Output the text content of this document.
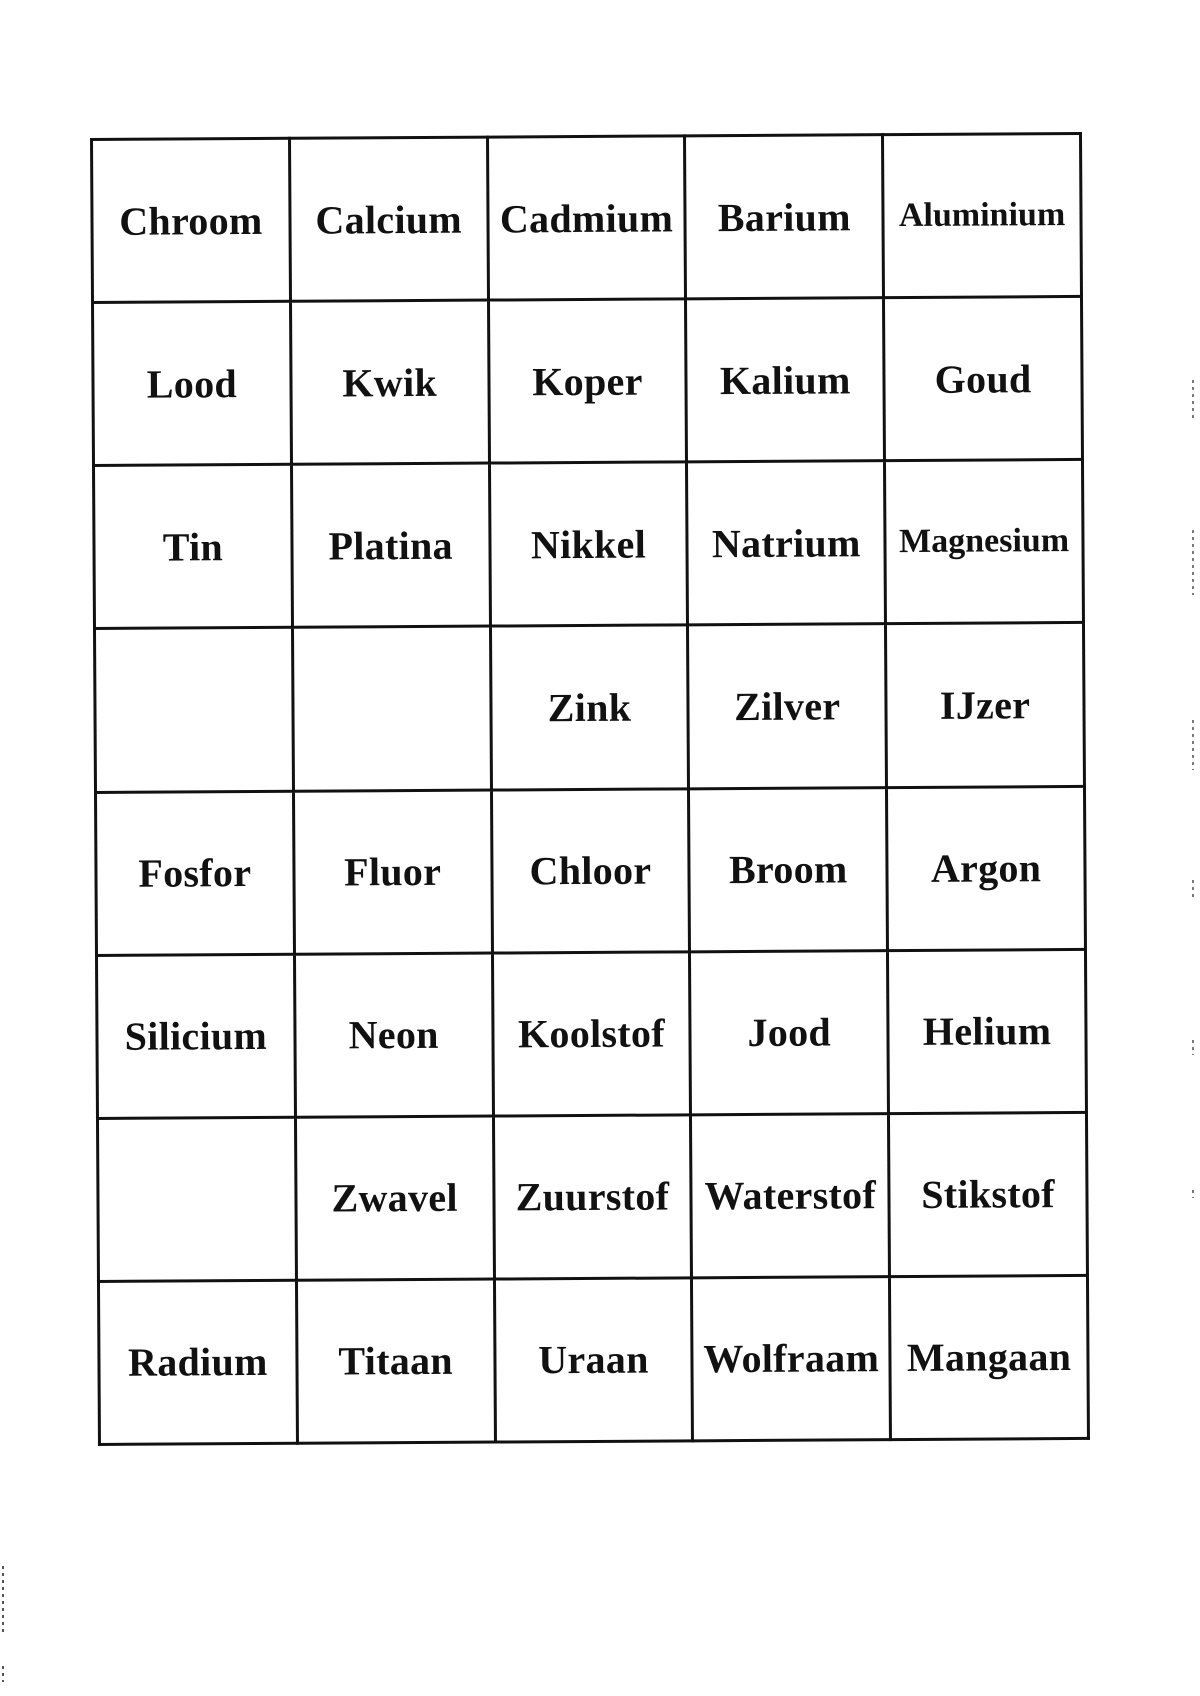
Chroom	Calcium	Cadmium	Barium	Aluminium
Lood	Kwik	Koper	Kalium	Goud
Tin	Platina	Nikkel	Natrium	Magnesium
		Zink	Zilver	IJzer
Fosfor	Fluor	Chloor	Broom	Argon
Silicium	Neon	Koolstof	Jood	Helium
	Zwavel	Zuurstof	Waterstof	Stikstof
Radium	Titaan	Uraan	Wolfraam	Mangaan
